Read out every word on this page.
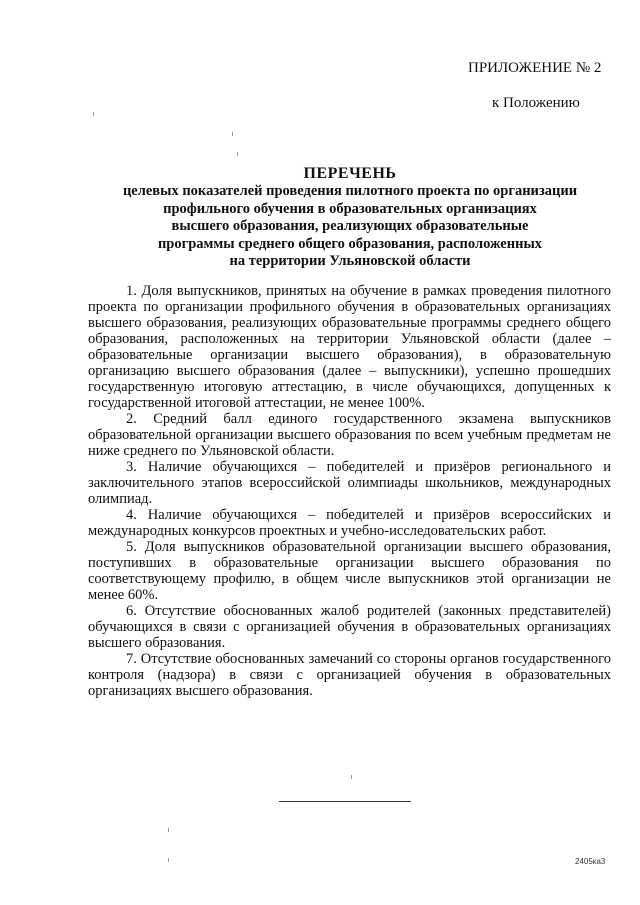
ПРИЛОЖЕНИЕ № 2
к Положению
ПЕРЕЧЕНЬ
целевых показателей проведения пилотного проекта по организации
профильного обучения в образовательных организациях
высшего образования, реализующих образовательные
программы среднего общего образования, расположенных
на территории Ульяновской области

1. Доля выпускников, принятых на обучение в рамках проведения пилотного проекта по организации профильного обучения в образовательных организациях высшего образования, реализующих образовательные программы среднего общего образования, расположенных на территории Ульяновской области (далее – образовательные организации высшего образования), в образовательную организацию высшего образования (далее – выпускники), успешно прошедших государственную итоговую аттестацию, в числе обучающихся, допущенных к государственной итоговой аттестации, не менее 100%.

2. Средний балл единого государственного экзамена выпускников образовательной организации высшего образования по всем учебным предметам не ниже среднего по Ульяновской области.

3. Наличие обучающихся – победителей и призёров регионального и заключительного этапов всероссийской олимпиады школьников, международных олимпиад.

4. Наличие обучающихся – победителей и призёров всероссийских и международных конкурсов проектных и учебно-исследовательских работ.

5. Доля выпускников образовательной организации высшего образования, поступивших в образовательные организации высшего образования по соответствующему профилю, в общем числе выпускников этой организации не менее 60%.

6. Отсутствие обоснованных жалоб родителей (законных представителей) обучающихся в связи с организацией обучения в образовательных организациях высшего образования.

7. Отсутствие обоснованных замечаний со стороны органов государственного контроля (надзора) в связи с организацией обучения в образовательных организациях высшего образования.

2405ка3
